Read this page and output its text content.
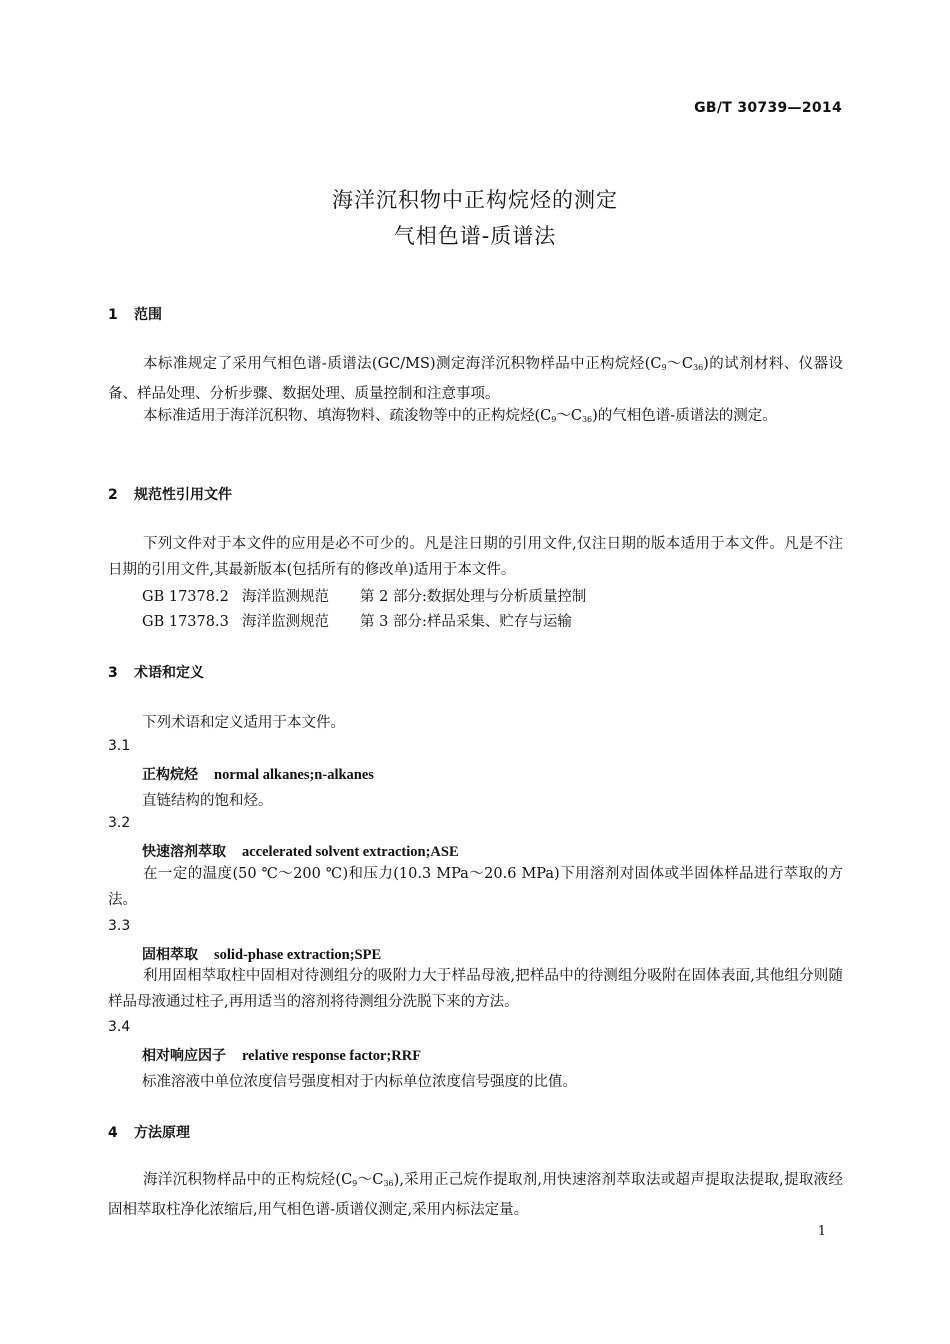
GB/T 30739—2014
海洋沉积物中正构烷烃的测定
气相色谱-质谱法
1 范围
本标准规定了采用气相色谱-质谱法(GC/MS)测定海洋沉积物样品中正构烷烃$(C_9\sim C_{36})$的试剂材料、仪器设备、样品处理、分析步骤、数据处理、质量控制和注意事项。
本标准适用于海洋沉积物、填海物料、疏浚物等中的正构烷烃$(C_9\sim C_{36})$的气相色谱-质谱法的测定。
2 规范性引用文件
下列文件对于本文件的应用是必不可少的。凡是注日期的引用文件,仅注日期的版本适用于本文件。凡是不注日期的引用文件,其最新版本(包括所有的修改单)适用于本文件。
GB 17378.2 海洋监测规范 第 2 部分:数据处理与分析质量控制
GB 17378.3 海洋监测规范 第 3 部分:样品采集、贮存与运输
3 术语和定义
下列术语和定义适用于本文件。
3.1
正构烷烃 normal alkanes;n-alkanes
直链结构的饱和烃。
3.2
快速溶剂萃取 accelerated solvent extraction;ASE
在一定的温度(50 ℃～200 ℃)和压力(10.3 MPa～20.6 MPa)下用溶剂对固体或半固体样品进行萃取的方法。
3.3
固相萃取 solid-phase extraction;SPE
利用固相萃取柱中固相对待测组分的吸附力大于样品母液,把样品中的待测组分吸附在固体表面,其他组分则随样品母液通过柱子,再用适当的溶剂将待测组分洗脱下来的方法。
3.4
相对响应因子 relative response factor;RRF
标准溶液中单位浓度信号强度相对于内标单位浓度信号强度的比值。
4 方法原理
海洋沉积物样品中的正构烷烃$(C_9\sim C_{36})$,采用正己烷作提取剂,用快速溶剂萃取法或超声提取法提取,提取液经固相萃取柱净化浓缩后,用气相色谱-质谱仪测定,采用内标法定量。
1
